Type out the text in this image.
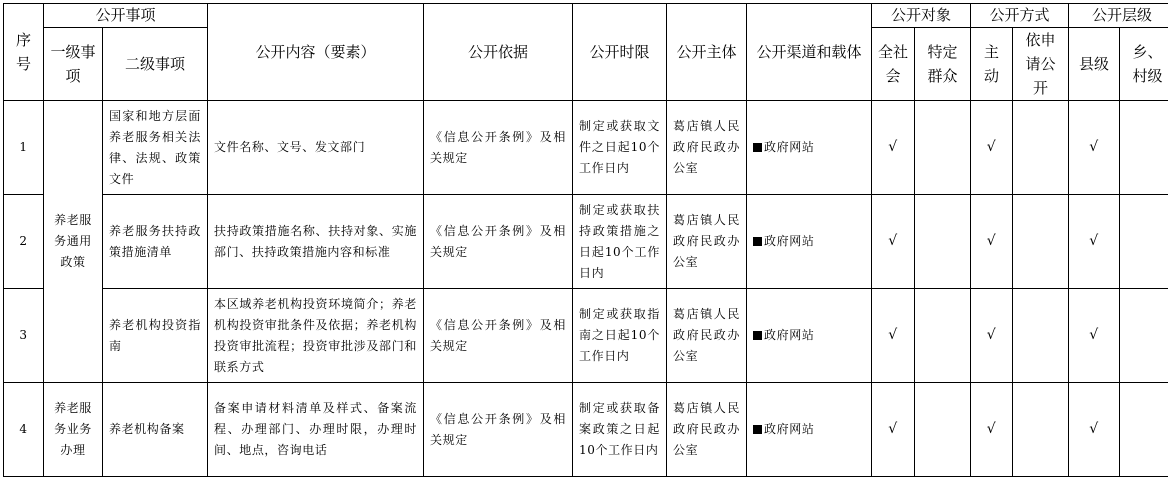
序号	公开事项		公开内容（要素）	公开依据	公开时限	公开主体	公开渠道和载体	公开对象		公开方式		公开层级	
	一级事项	二级事项						全社会	特定群众	主动	依申请公开	县级	乡、村级
1	养老服务通用政策	国家和地方层面养老服务相关法律、法规、政策文件	文件名称、文号、发文部门	《信息公开条例》及相关规定	制定或获取文件之日起10个工作日内	葛店镇人民政府民政办公室	政府网站	√		√		√	
2		养老服务扶持政策措施清单	扶持政策措施名称、扶持对象、实施部门、扶持政策措施内容和标准	《信息公开条例》及相关规定	制定或获取扶持政策措施之日起10个工作日内	葛店镇人民政府民政办公室	政府网站	√		√		√	
3		养老机构投资指南	本区域养老机构投资环境简介；养老机构投资审批条件及依据；养老机构投资审批流程；投资审批涉及部门和联系方式	《信息公开条例》及相关规定	制定或获取指南之日起10个工作日内	葛店镇人民政府民政办公室	政府网站	√		√		√	
4	养老服务业务办理	养老机构备案	备案申请材料清单及样式、备案流程、办理部门、办理时限，办理时间、地点，咨询电话	《信息公开条例》及相关规定	制定或获取备案政策之日起10个工作日内	葛店镇人民政府民政办公室	政府网站	√		√		√	
